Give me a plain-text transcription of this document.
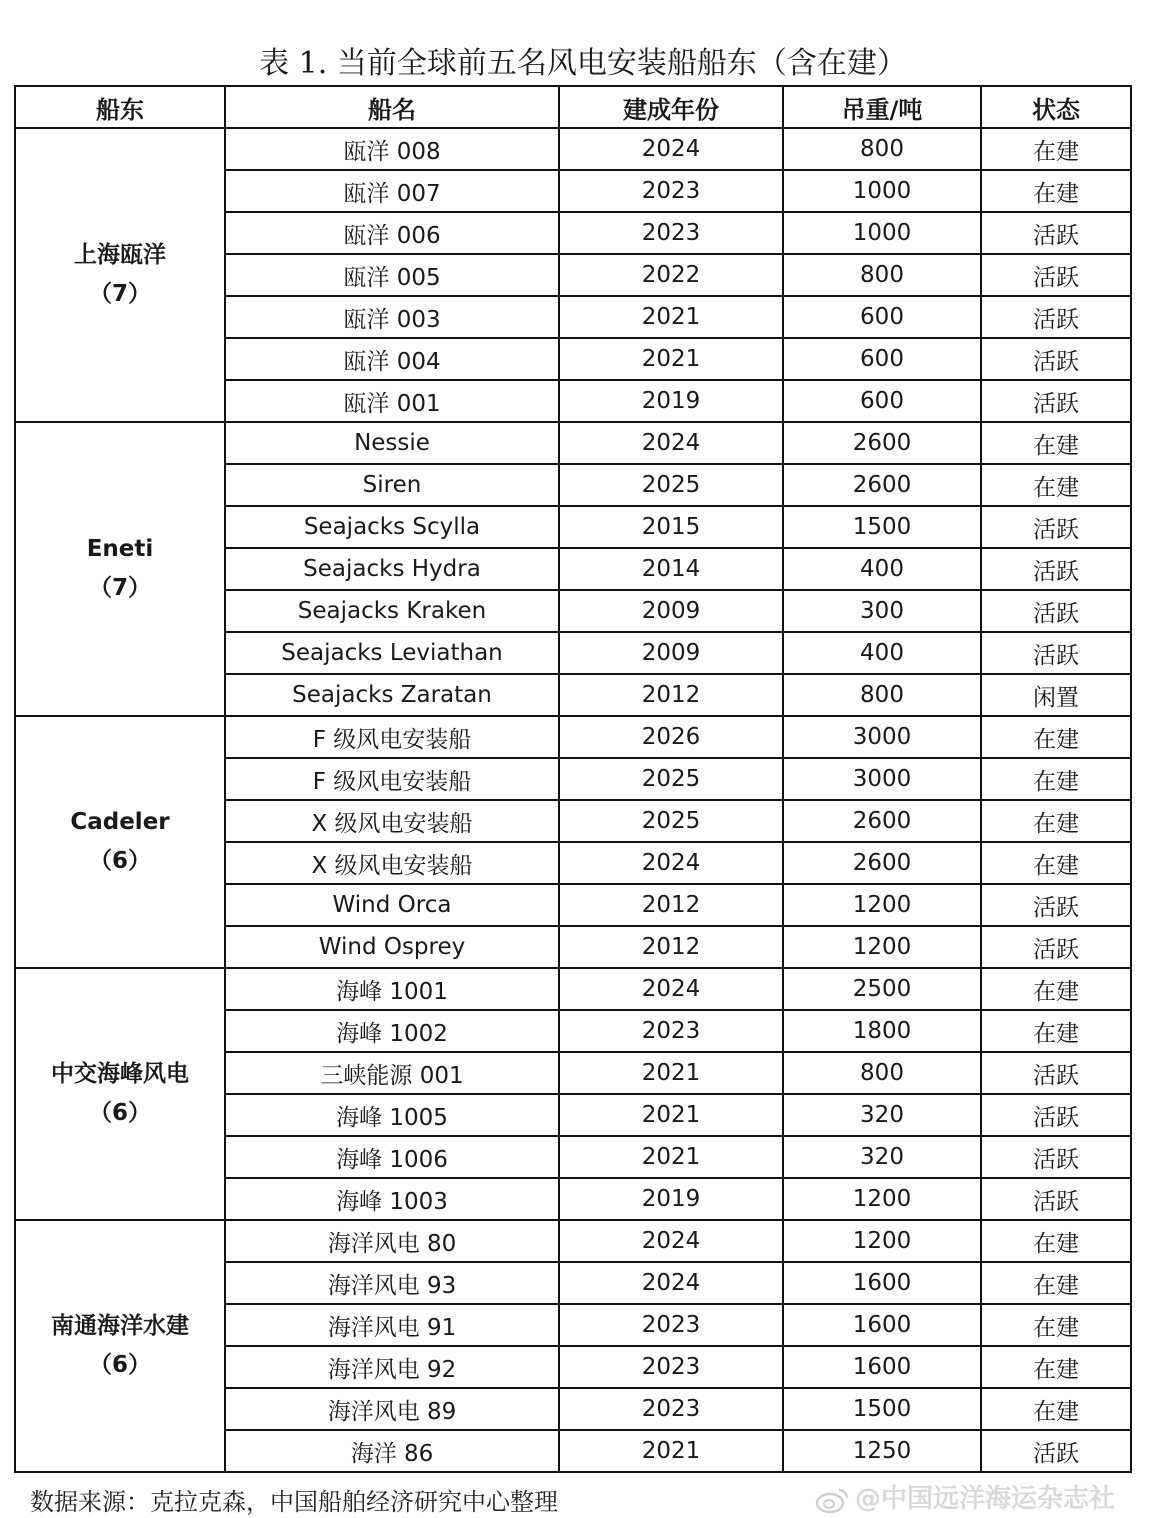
表 1. 当前全球前五名风电安装船船东（含在建）
船东	船名	建成年份	吊重/吨	状态

上海瓯洋
（7）	瓯洋 008	2024	800	在建
	瓯洋 007	2023	1000	在建
	瓯洋 006	2023	1000	活跃
	瓯洋 005	2022	800	活跃
	瓯洋 003	2021	600	活跃
	瓯洋 004	2021	600	活跃
	瓯洋 001	2019	600	活跃

Eneti
（7）	Nessie	2024	2600	在建
	Siren	2025	2600	在建
	Seajacks Scylla	2015	1500	活跃
	Seajacks Hydra	2014	400	活跃
	Seajacks Kraken	2009	300	活跃
	Seajacks Leviathan	2009	400	活跃
	Seajacks Zaratan	2012	800	闲置

Cadeler
（6）	F 级风电安装船	2026	3000	在建
	F 级风电安装船	2025	3000	在建
	X 级风电安装船	2025	2600	在建
	X 级风电安装船	2024	2600	在建
	Wind Orca	2012	1200	活跃
	Wind Osprey	2012	1200	活跃

中交海峰风电
（6）	海峰 1001	2024	2500	在建
	海峰 1002	2023	1800	在建
	三峡能源 001	2021	800	活跃
	海峰 1005	2021	320	活跃
	海峰 1006	2021	320	活跃
	海峰 1003	2019	1200	活跃

南通海洋水建
（6）	海洋风电 80	2024	1200	在建
	海洋风电 93	2024	1600	在建
	海洋风电 91	2023	1600	在建
	海洋风电 92	2023	1600	在建
	海洋风电 89	2023	1500	在建
	海洋 86	2021	1250	活跃
数据来源：克拉克森，中国船舶经济研究中心整理	@中国远洋海运杂志社
